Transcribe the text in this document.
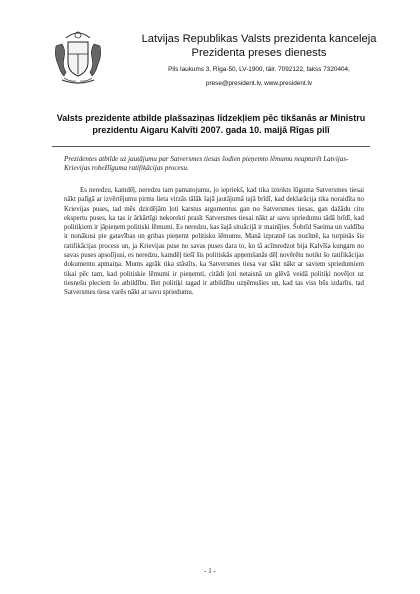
Latvijas Republikas Valsts prezidenta kanceleja
Prezidenta preses dienests
Pils laukums 3, Rīga-50, LV-1900, tālr. 7092122, fakss 7320404,
prese@president.lv, www.president.lv
Valsts prezidente atbilde plašsaziņas līdzekļiem pēc tikšanās ar Ministru prezidentu Aigaru Kalvīti 2007. gada 10. maijā Rīgas pilī
Prezidentes atbilde uz jautājumu par Satversmes tiesas šodien pieņemto lēmumu neapturēt Latvijas-Krievijas robežlīguma ratifikācijas procesu.
Es neredzu, kamdēļ, neredzu tam pamatojumu, jo iepriekš, kad tika izteikts lūguma Satversmes tiesai nākt palīgā ar izvērtējumu pirms lieta virzās tālāk šajā jautājumā tajā brīdī, kad deklarācija tika noraidīta no Krievijas puses, tad mēs dzirdējām ļoti karstus argumentus gan no Satversmes tiesas, gan dažādu citu ekspertu puses, ka tas ir ārkārtīgi nekorekti prasīt Satversmes tiesai nākt ar savu spriedumu tādā brīdī, kad politiķiem ir jāpieņem politiski lēmumi. Es neredzu, kas šajā situācijā ir mainījies. Šobrīd Saeima un valdība ir nonākusi pie gatavības un gribas pieņemt politisku lēmumu. Manā izpratnē tas nozīmē, ka turpinās šis ratifikācijas process un, ja Krievijas puse no savas puses dara to, ko tā acīmredzot bija Kalvīša kungam no savas puses apsolījusi, es neredzu, kamdēļ tiešī šis politiskās apņemšanās dēļ novērētu notikt šo ratifikācijas dokumentu apmaiņa. Mums agrāk tika stāstīts, ka Satversmes tiesa var sākt nākt ar saviem spriedumiem tikai pēc tam, kad politiskie lēmumi ir pieņemti, citādi ļoti netaisnā un glēvā veidā politiķi novēļot uz tiesnešu pleciem šo atbildību. Bet politiķi tagad ir atbildību uzņēmušies un, kad tas viss būs izdarīts, tad Satversmes tiesa varēs nākt ar savu spriedumu.
- 1 -
